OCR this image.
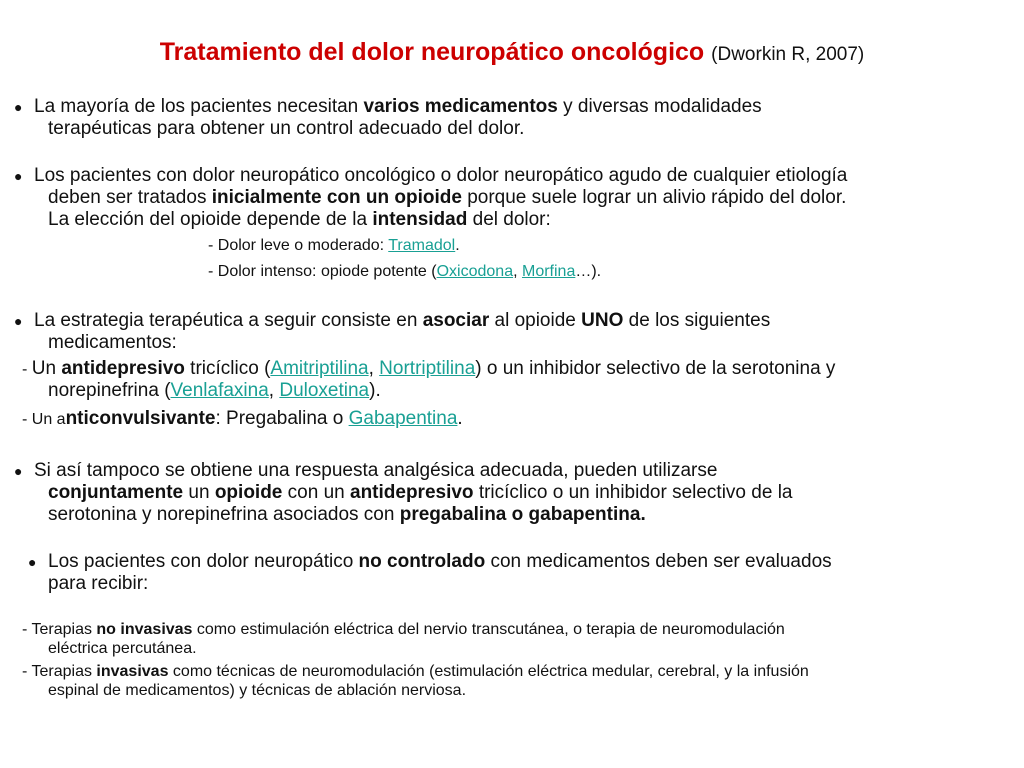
Tratamiento del dolor neuropático oncológico (Dworkin R, 2007)
● La mayoría de los pacientes necesitan varios medicamentos y diversas modalidades
terapéuticas para obtener un control adecuado del dolor.
● Los pacientes con dolor neuropático oncológico o dolor neuropático agudo de cualquier etiología
deben ser tratados inicialmente con un opioide porque suele lograr un alivio rápido del dolor.
La elección del opioide depende de la intensidad del dolor:
- Dolor leve o moderado: Tramadol.
- Dolor intenso: opiode potente (Oxicodona, Morfina…).
● La estrategia terapéutica a seguir consiste en asociar al opioide UNO de los siguientes
medicamentos:
- Un antidepresivo tricíclico (Amitriptilina, Nortriptilina) o un inhibidor selectivo de la serotonina y
norepinefrina (Venlafaxina, Duloxetina).
- Un anticonvulsivante: Pregabalina o Gabapentina.
● Si así tampoco se obtiene una respuesta analgésica adecuada, pueden utilizarse
conjuntamente un opioide con un antidepresivo tricíclico o un inhibidor selectivo de la
serotonina y norepinefrina asociados con pregabalina o gabapentina.
● Los pacientes con dolor neuropático no controlado con medicamentos deben ser evaluados
para recibir:
- Terapias no invasivas como estimulación eléctrica del nervio transcutánea, o terapia de neuromodulación
eléctrica percutánea.
- Terapias invasivas como técnicas de neuromodulación (estimulación eléctrica medular, cerebral, y la infusión
espinal de medicamentos) y técnicas de ablación nerviosa.
